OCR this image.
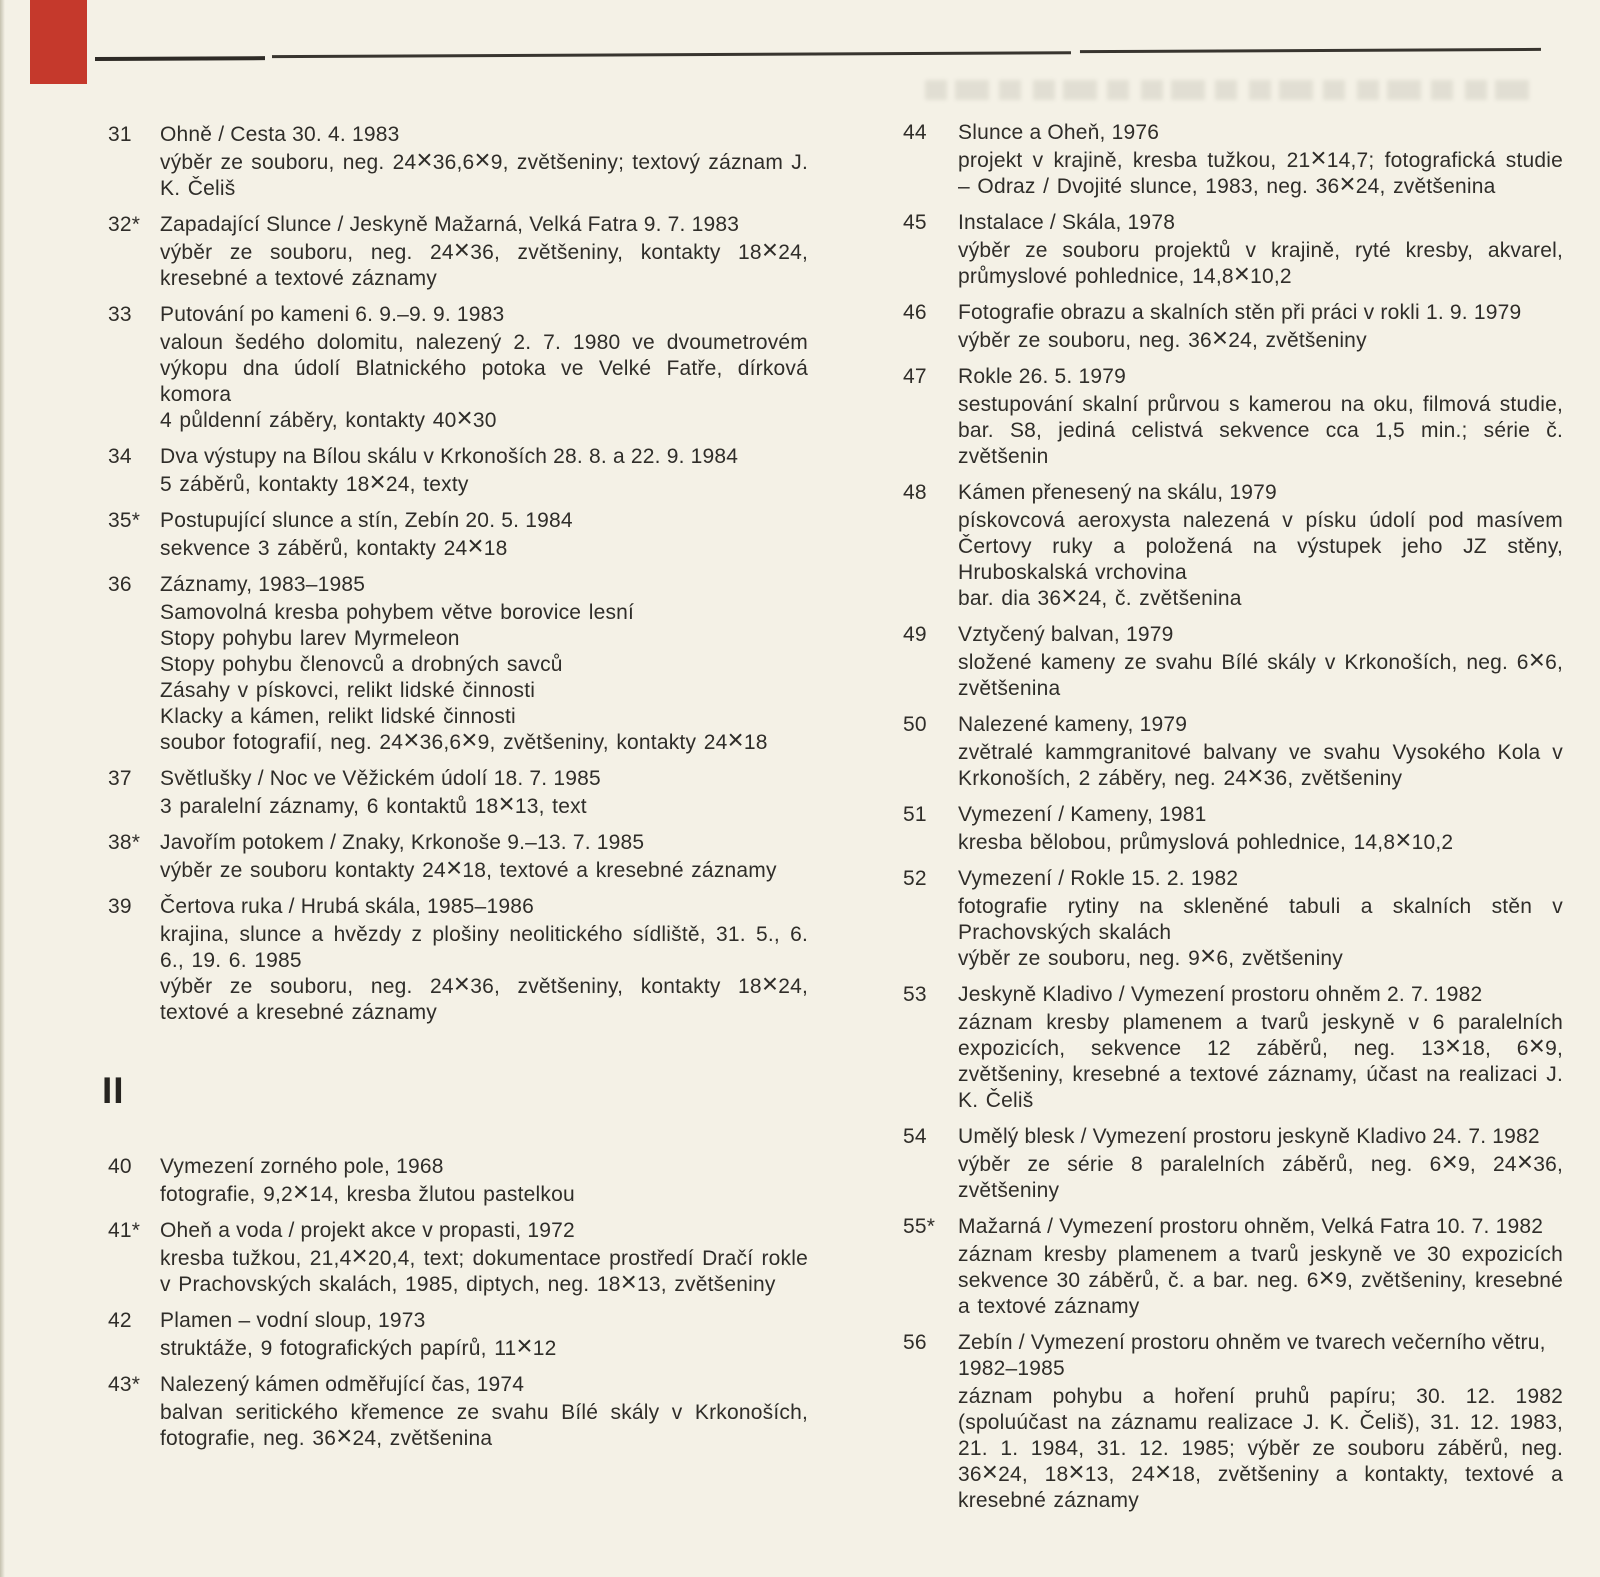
31	Ohně / Cesta 30. 4. 1983
výběr ze souboru, neg. 24×36,6×9, zvětšeniny; textový záznam J. K. Čeliš
32* Zapadající Slunce / Jeskyně Mažarná, Velká Fatra 9. 7. 1983
výběr ze souboru, neg. 24×36, zvětšeniny, kontakty 18×24, kresebné a textové záznamy
33	Putování po kameni 6. 9.–9. 9. 1983
valoun šedého dolomitu, nalezený 2. 7. 1980 ve dvoumetrovém výkopu dna údolí Blatnického potoka ve Velké Fatře, dírková komora
4 půldenní záběry, kontakty 40×30
34	Dva výstupy na Bílou skálu v Krkonoších 28. 8. a 22. 9. 1984
5 záběrů, kontakty 18×24, texty
35* Postupující slunce a stín, Zebín 20. 5. 1984
sekvence 3 záběrů, kontakty 24×18
36	Záznamy, 1983–1985
Samovolná kresba pohybem větve borovice lesní
Stopy pohybu larev Myrmeleon
Stopy pohybu členovců a drobných savců
Zásahy v pískovci, relikt lidské činnosti
Klacky a kámen, relikt lidské činnosti
soubor fotografií, neg. 24×36,6×9, zvětšeniny, kontakty 24×18
37	Světlušky / Noc ve Věžickém údolí 18. 7. 1985
3 paralelní záznamy, 6 kontaktů 18×13, text
38* Javořím potokem / Znaky, Krkonoše 9.–13. 7. 1985
výběr ze souboru kontakty 24×18, textové a kresebné záznamy
39	Čertova ruka / Hrubá skála, 1985–1986
krajina, slunce a hvězdy z plošiny neolitického sídliště, 31. 5., 6. 6., 19. 6. 1985
výběr ze souboru, neg. 24×36, zvětšeniny, kontakty 18×24, textové a kresebné záznamy
II
40	Vymezení zorného pole, 1968
fotografie, 9,2×14, kresba žlutou pastelkou
41* Oheň a voda / projekt akce v propasti, 1972
kresba tužkou, 21,4×20,4, text; dokumentace prostředí Dračí rokle v Prachovských skalách, 1985, diptych, neg. 18×13, zvětšeniny
42	Plamen – vodní sloup, 1973
struktáže, 9 fotografických papírů, 11×12
43* Nalezený kámen odměřující čas, 1974
balvan seritického křemence ze svahu Bílé skály v Krkonoších, fotografie, neg. 36×24, zvětšenina
44	Slunce a Oheň, 1976
projekt v krajině, kresba tužkou, 21×14,7; fotografická studie – Odraz / Dvojité slunce, 1983, neg. 36×24, zvětšenina
45	Instalace / Skála, 1978
výběr ze souboru projektů v krajině, ryté kresby, akvarel, průmyslové pohlednice, 14,8×10,2
46	Fotografie obrazu a skalních stěn při práci v rokli 1. 9. 1979
výběr ze souboru, neg. 36×24, zvětšeniny
47	Rokle 26. 5. 1979
sestupování skalní průrvou s kamerou na oku, filmová studie, bar. S8, jediná celistvá sekvence cca 1,5 min.; série č. zvětšenin
48	Kámen přenesený na skálu, 1979
pískovcová aeroxysta nalezená v písku údolí pod masívem Čertovy ruky a položená na výstupek jeho JZ stěny, Hruboskalská vrchovina
bar. dia 36×24, č. zvětšenina
49	Vztyčený balvan, 1979
složené kameny ze svahu Bílé skály v Krkonoších, neg. 6×6, zvětšenina
50	Nalezené kameny, 1979
zvětralé kammgranitové balvany ve svahu Vysokého Kola v Krkonoších, 2 záběry, neg. 24×36, zvětšeniny
51	Vymezení / Kameny, 1981
kresba bělobou, průmyslová pohlednice, 14,8×10,2
52	Vymezení / Rokle 15. 2. 1982
fotografie rytiny na skleněné tabuli a skalních stěn v Prachovských skalách
výběr ze souboru, neg. 9×6, zvětšeniny
53	Jeskyně Kladivo / Vymezení prostoru ohněm 2. 7. 1982
záznam kresby plamenem a tvarů jeskyně v 6 paralelních expozicích, sekvence 12 záběrů, neg. 13×18, 6×9, zvětšeniny, kresebné a textové záznamy, účast na realizaci J. K. Čeliš
54	Umělý blesk / Vymezení prostoru jeskyně Kladivo 24. 7. 1982
výběr ze série 8 paralelních záběrů, neg. 6×9, 24×36, zvětšeniny
55*	Mažarná / Vymezení prostoru ohněm, Velká Fatra 10. 7. 1982
záznam kresby plamenem a tvarů jeskyně ve 30 expozicích sekvence 30 záběrů, č. a bar. neg. 6×9, zvětšeniny, kresebné a textové záznamy
56	Zebín / Vymezení prostoru ohněm ve tvarech večerního větru, 1982–1985
záznam pohybu a hoření pruhů papíru; 30. 12. 1982 (spoluúčast na záznamu realizace J. K. Čeliš), 31. 12. 1983, 21. 1. 1984, 31. 12. 1985; výběr ze souboru záběrů, neg. 36×24, 18×13, 24×18, zvětšeniny a kontakty, textové a kresebné záznamy
